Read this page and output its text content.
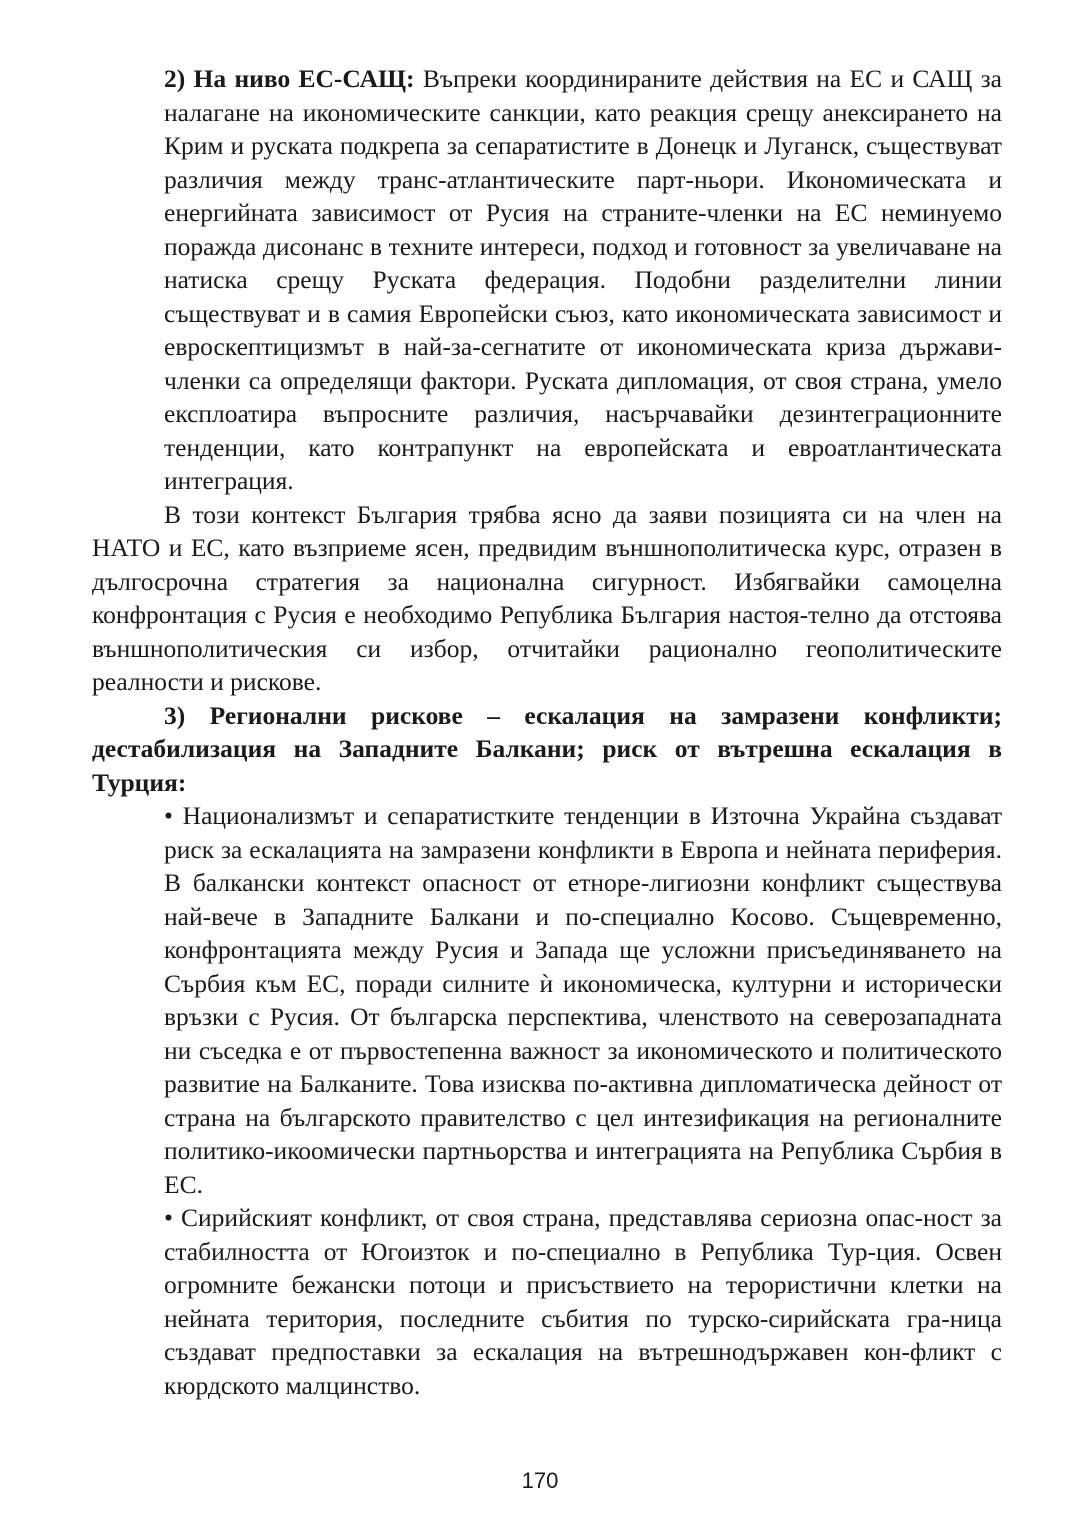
2) На ниво ЕС-САЩ: Въпреки координираните действия на ЕС и САЩ за налагане на икономическите санкции, като реакция срещу анексирането на Крим и руската подкрепа за сепаратистите в Донецк и Луганск, съществуват различия между транс-атлантическите парт-ньори. Икономическата и енергийната зависимост от Русия на страните-членки на ЕС неминуемо поражда дисонанс в техните интереси, подход и готовност за увеличаване на натиска срещу Руската федерация. Подобни разделителни линии съществуват и в самия Европейски съюз, като икономическата зависимост и евроскептицизмът в най-за-сегнатите от икономическата криза държави-членки са определящи фактори. Руската дипломация, от своя страна, умело експлоатира въпросните различия, насърчавайки дезинтеграционните тенденции, като контрапункт на европейската и евроатлантическата интеграция.

В този контекст България трябва ясно да заяви позицията си на член на НАТО и ЕС, като възприеме ясен, предвидим външнополитическа курс, отразен в дългосрочна стратегия за национална сигурност. Избягвайки самоцелна конфронтация с Русия е необходимо Република България настоя-телно да отстоява външнополитическия си избор, отчитайки рационално геополитическите реалности и рискове.

3) Регионални рискове – ескалация на замразени конфликти; дестабилизация на Западните Балкани; риск от вътрешна ескалация в Турция:

• Национализмът и сепаратистките тенденции в Източна Украйна създават риск за ескалацията на замразени конфликти в Европа и нейната периферия. В балкански контекст опасност от етноре-лигиозни конфликт съществува най-вече в Западните Балкани и по-специално Косово. Същевременно, конфронтацията между Русия и Запада ще усложни присъединяването на Сърбия към ЕС, поради силните ѝ икономическа, културни и исторически връзки с Русия. От българска перспектива, членството на северозападната ни съседка е от първостепенна важност за икономическото и политическото развитие на Балканите. Това изисква по-активна дипломатическа дейност от страна на българското правителство с цел интезификация на регионалните политико-икоомически партньорства и интеграцията на Република Сърбия в ЕС.

• Сирийският конфликт, от своя страна, представлява сериозна опас-ност за стабилността от Югоизток и по-специално в Република Тур-ция. Освен огромните бежански потоци и присъствието на терористични клетки на нейната територия, последните събития по турско-сирийската гра-ница създават предпоставки за ескалация на вътрешнодържавен кон-фликт с кюрдското малцинство.

170
